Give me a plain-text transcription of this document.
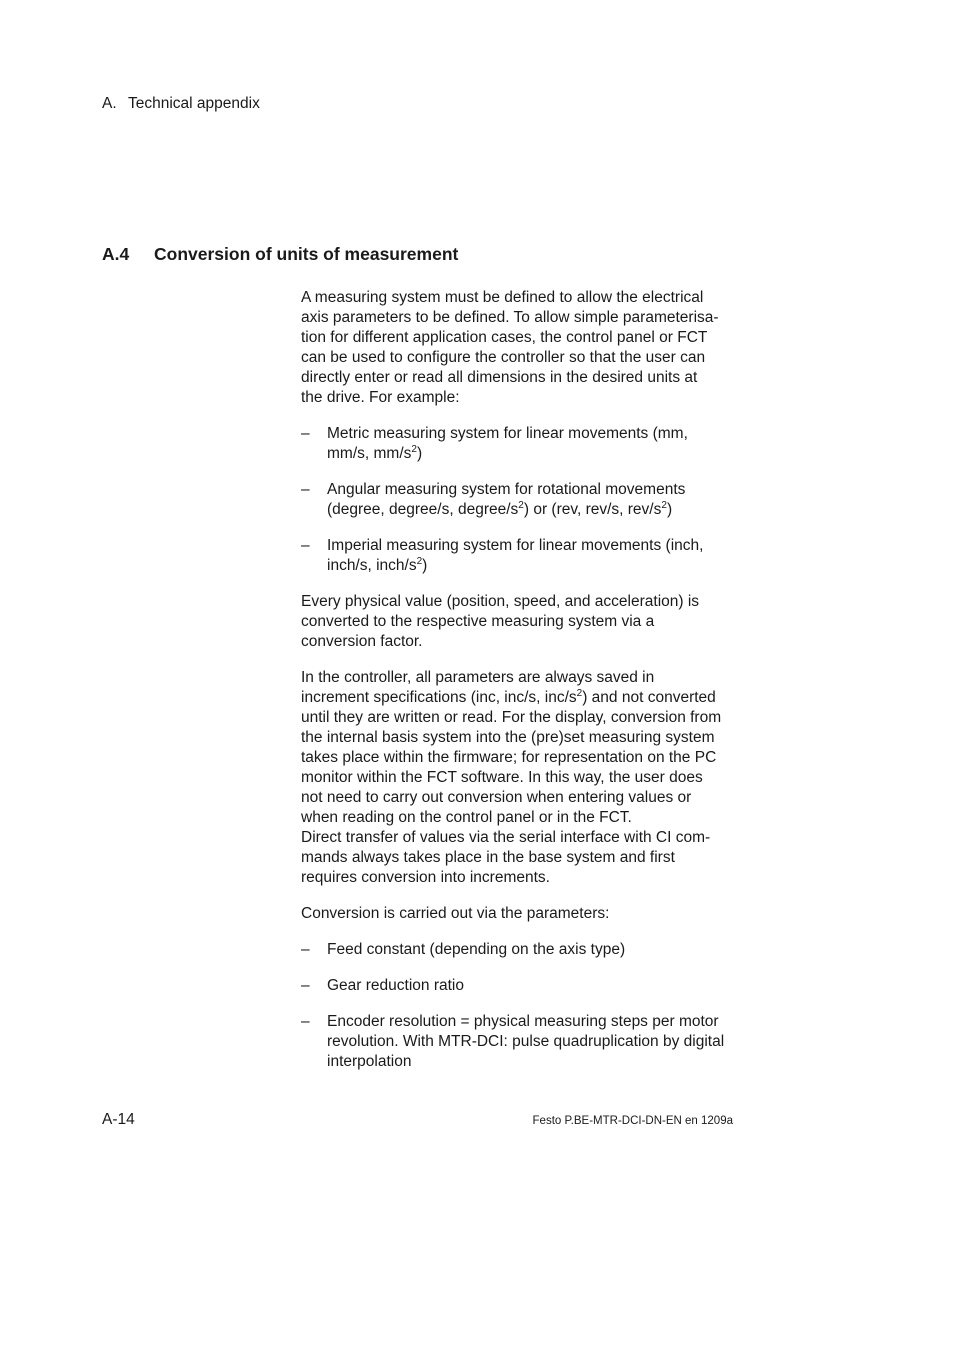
A. Technical appendix
A.4 Conversion of units of measurement

A measuring system must be defined to allow the electrical
axis parameters to be defined. To allow simple parameterisa-
tion for different application cases, the control panel or FCT
can be used to configure the controller so that the user can
directly enter or read all dimensions in the desired units at
the drive. For example:

– Metric measuring system for linear movements (mm,
mm/s, $mm/s^2$)
– Angular measuring system for rotational movements
(degree, degree/s, degree/$s^2$) or (rev, rev/s, rev/$s^2$)
– Imperial measuring system for linear movements (inch,
inch/s, inch/$s^2$)

Every physical value (position, speed, and acceleration) is
converted to the respective measuring system via a
conversion factor.

In the controller, all parameters are always saved in
increment specifications (inc, inc/s, inc/$s^2$) and not converted
until they are written or read. For the display, conversion from
the internal basis system into the (pre)set measuring system
takes place within the firmware; for representation on the PC
monitor within the FCT software. In this way, the user does
not need to carry out conversion when entering values or
when reading on the control panel or in the FCT.
Direct transfer of values via the serial interface with CI com-
mands always takes place in the base system and first
requires conversion into increments.

Conversion is carried out via the parameters:

– Feed constant (depending on the axis type)
– Gear reduction ratio
– Encoder resolution = physical measuring steps per motor
revolution. With MTR-DCI: pulse quadruplication by digital
interpolation
A-14	Festo P.BE-MTR-DCI-DN-EN en 1209a
